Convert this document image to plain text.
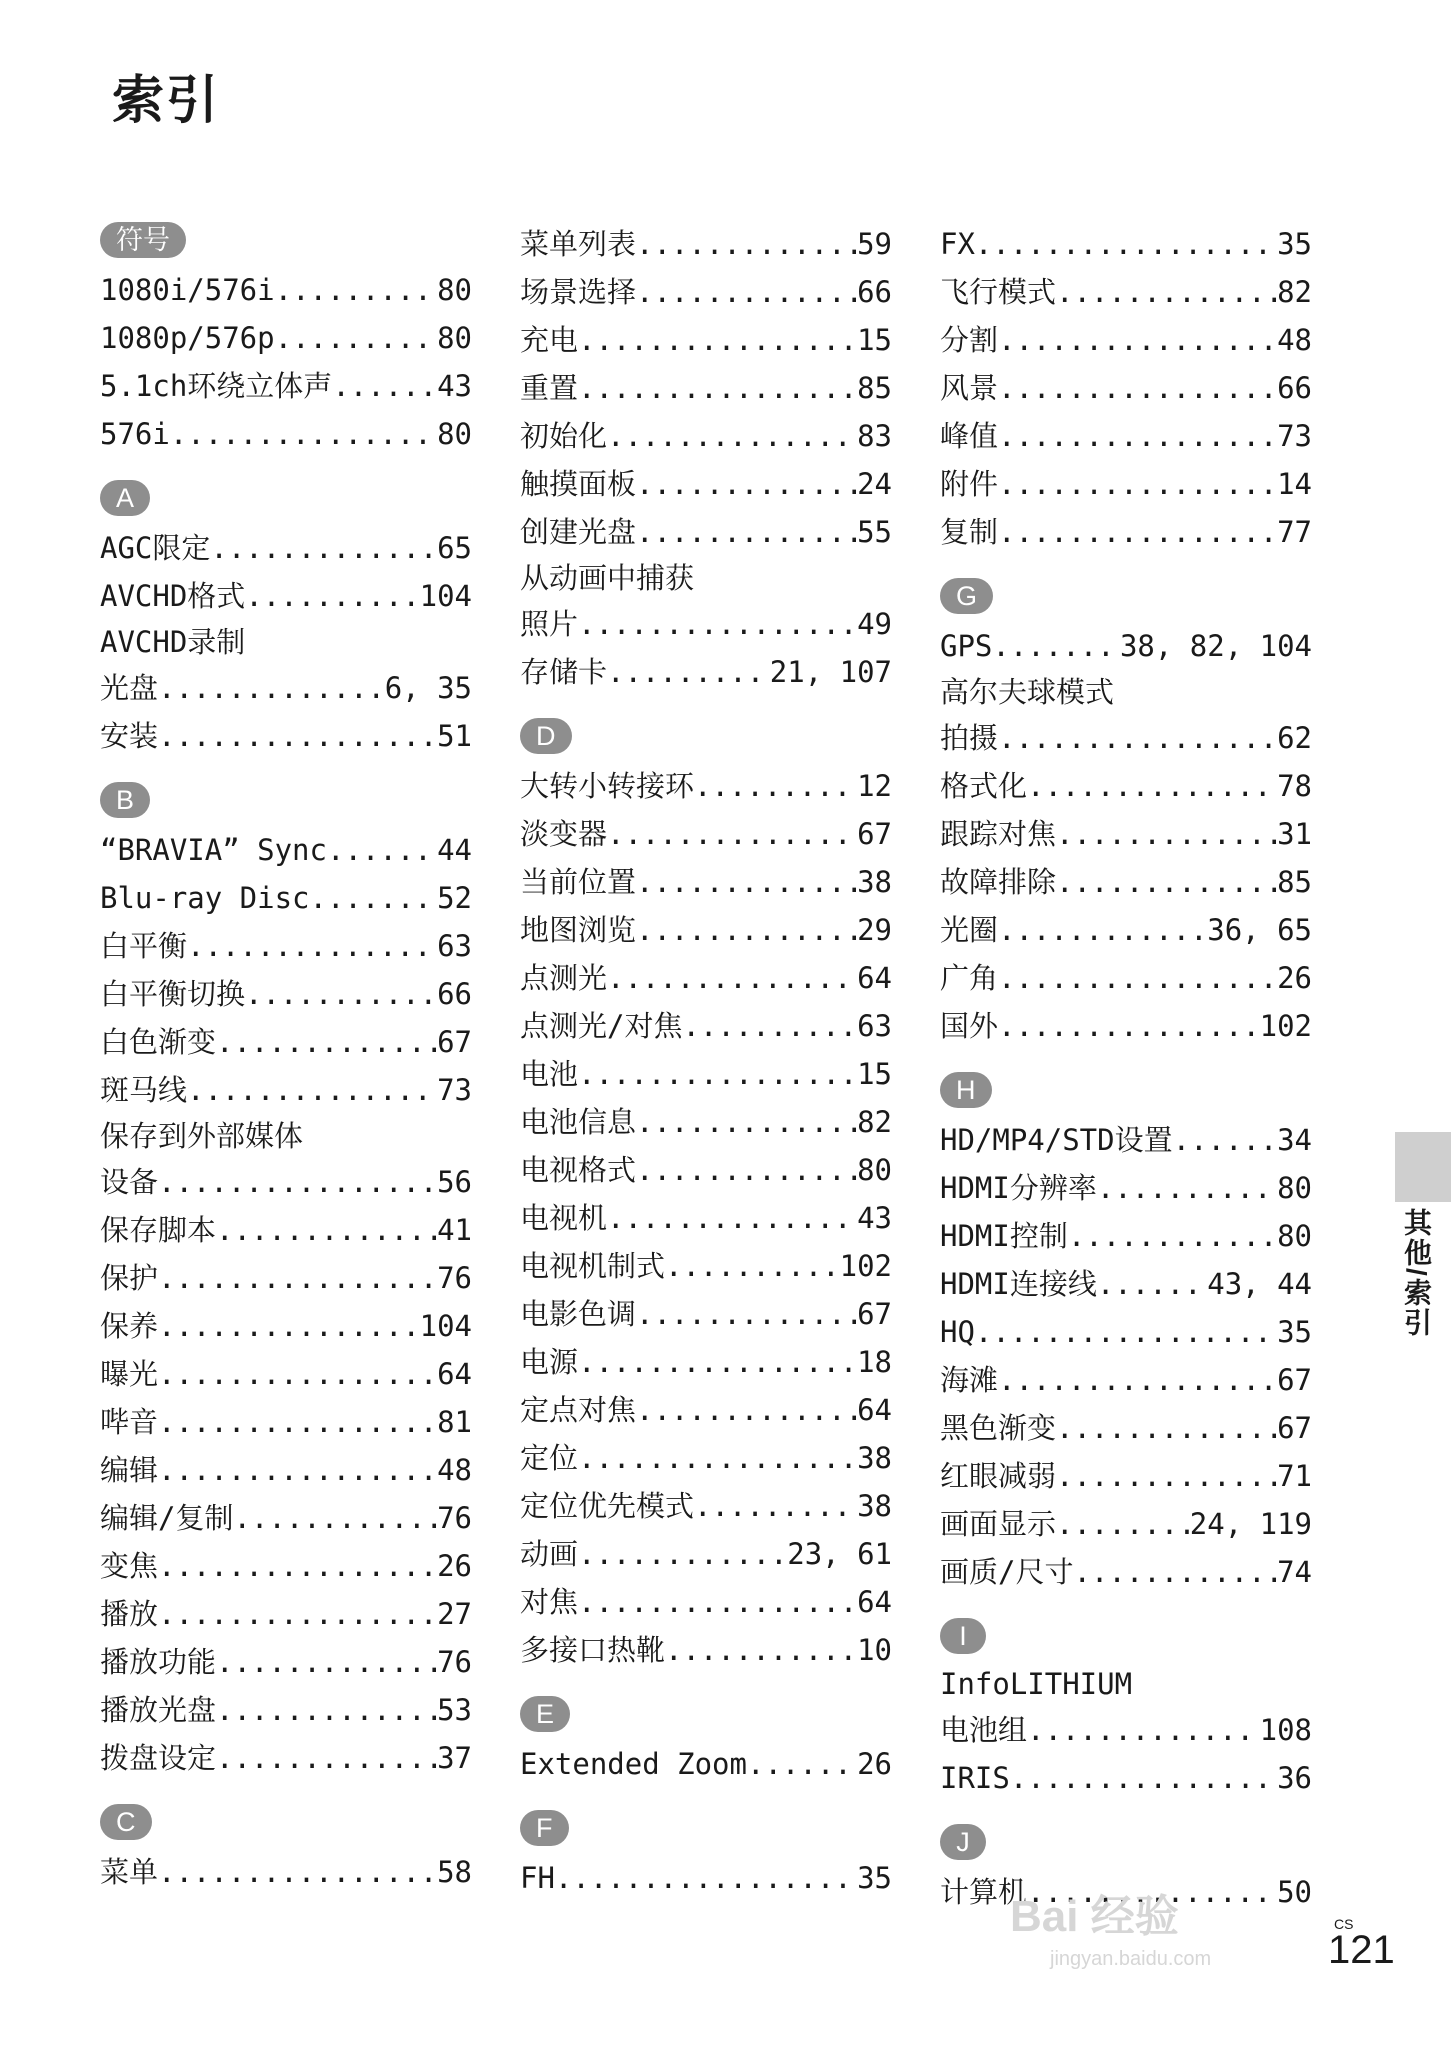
索引
符号
1080i/576i .....	80
1080p/576p .....	80
5.1ch环绕立体声 .....	43
576i .....	80
A
AGC限定 .....	65
AVCHD格式 .....	104
AVCHD录制
光盘 .....	6, 35
安装 .....	51
B
“BRAVIA” Sync .....	44
Blu-ray Disc .....	52
白平衡 .....	63
白平衡切换 .....	66
白色渐变 .....	67
斑马线 .....	73
保存到外部媒体
设备 .....	56
保存脚本 .....	41
保护 .....	76
保养 .....	104
曝光 .....	64
哔音 .....	81
编辑 .....	48
编辑/复制 .....	76
变焦 .....	26
播放 .....	27
播放功能 .....	76
播放光盘 .....	53
拨盘设定 .....	37
C
菜单 .....	58
菜单列表 .....	59
场景选择 .....	66
充电 .....	15
重置 .....	85
初始化 .....	83
触摸面板 .....	24
创建光盘 .....	55
从动画中捕获
照片 .....	49
存储卡 .....	21, 107
D
大转小转接环 .....	12
淡变器 .....	67
当前位置 .....	38
地图浏览 .....	29
点测光 .....	64
点测光/对焦 .....	63
电池 .....	15
电池信息 .....	82
电视格式 .....	80
电视机 .....	43
电视机制式 .....	102
电影色调 .....	67
电源 .....	18
定点对焦 .....	64
定位 .....	38
定位优先模式 .....	38
动画 .....	23, 61
对焦 .....	64
多接口热靴 .....	10
E
Extended Zoom .....	26
F
FH .....	35
FX .....	35
飞行模式 .....	82
分割 .....	48
风景 .....	66
峰值 .....	73
附件 .....	14
复制 .....	77
G
GPS .....	38, 82, 104
高尔夫球模式
拍摄 .....	62
格式化 .....	78
跟踪对焦 .....	31
故障排除 .....	85
光圈 .....	36, 65
广角 .....	26
国外 .....	102
H
HD/MP4/STD设置 .....	34
HDMI分辨率 .....	80
HDMI控制 .....	80
HDMI连接线 .....	43, 44
HQ .....	35
海滩 .....	67
黑色渐变 .....	67
红眼减弱 .....	71
画面显示 .....	24, 119
画质/尺寸 .....	74
I
InfoLITHIUM
电池组 .....	108
IRIS .....	36
J
计算机 .....	50
其他/索引
CS
121
Bai 经验
jingyan.baidu.com
